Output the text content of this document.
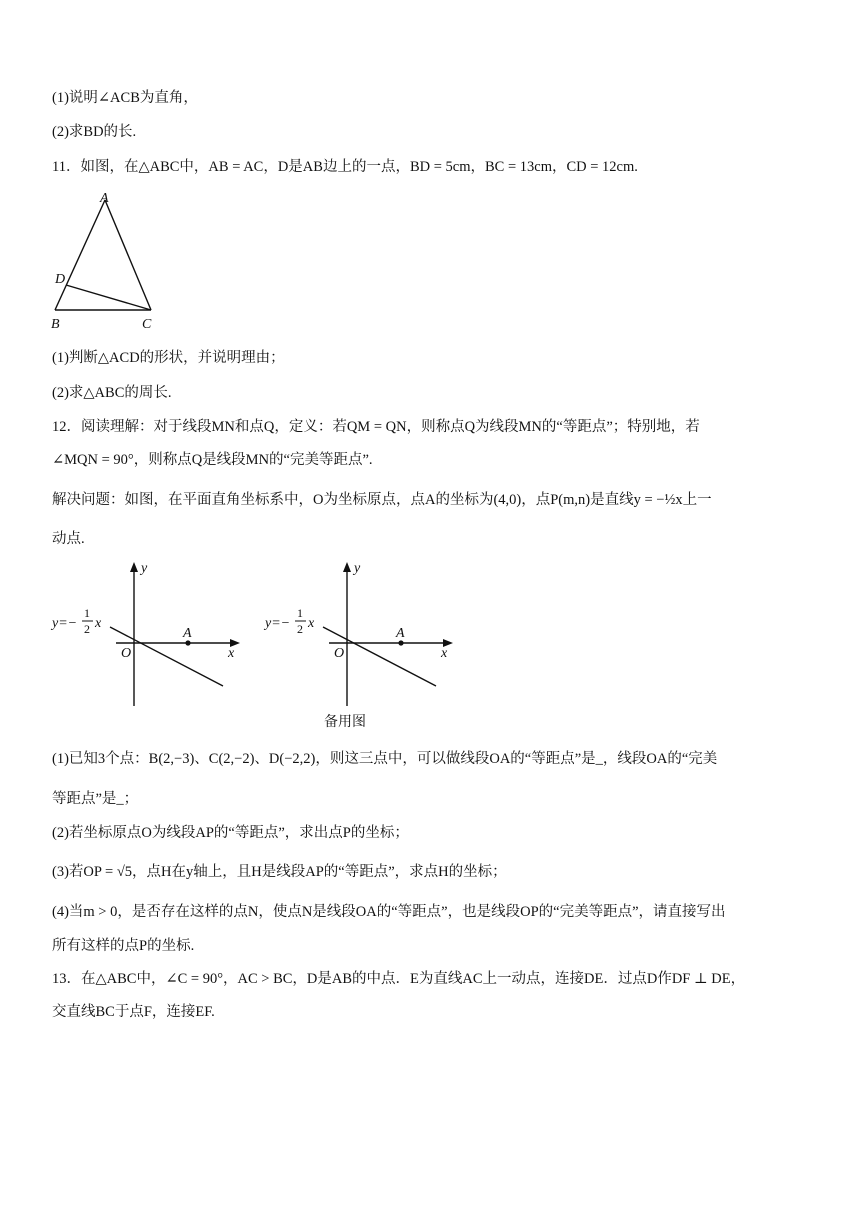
(1)说明∠ACB为直角，
(2)求BD的长.
11．如图，在△ABC中，AB = AC，D是AB边上的一点，BD = 5cm，BC = 13cm，CD = 12cm.
A
D
B	C
(1)判断△ACD的形状，并说明理由；
(2)求△ABC的周长.
12．阅读理解：对于线段MN和点Q，定义：若QM = QN，则称点Q为线段MN的“等距点”；特别地，若
∠MQN = 90°，则称点Q是线段MN的“完美等距点”.
解决问题：如图，在平面直角坐标系中，O为坐标原点，点A的坐标为(4,0)，点P(m,n)是直线y = −½x上一
动点.
y
x
O
A
y=−
1
2 x
y
x
O
A
y=−
1
2 x
备用图
(1)已知3个点：B(2,−3)、C(2,−2)、D(−2,2)，则这三点中，可以做线段OA的“等距点”是_，线段OA的“完美
等距点”是_；
(2)若坐标原点O为线段AP的“等距点”，求出点P的坐标；
(3)若OP = √5，点H在y轴上，且H是线段AP的“等距点”，求点H的坐标；
(4)当m > 0，是否存在这样的点N，使点N是线段OA的“等距点”，也是线段OP的“完美等距点”，请直接写出
所有这样的点P的坐标.
13．在△ABC中，∠C = 90°，AC > BC，D是AB的中点．E为直线AC上一动点，连接DE．过点D作DF ⊥ DE，
交直线BC于点F，连接EF.
